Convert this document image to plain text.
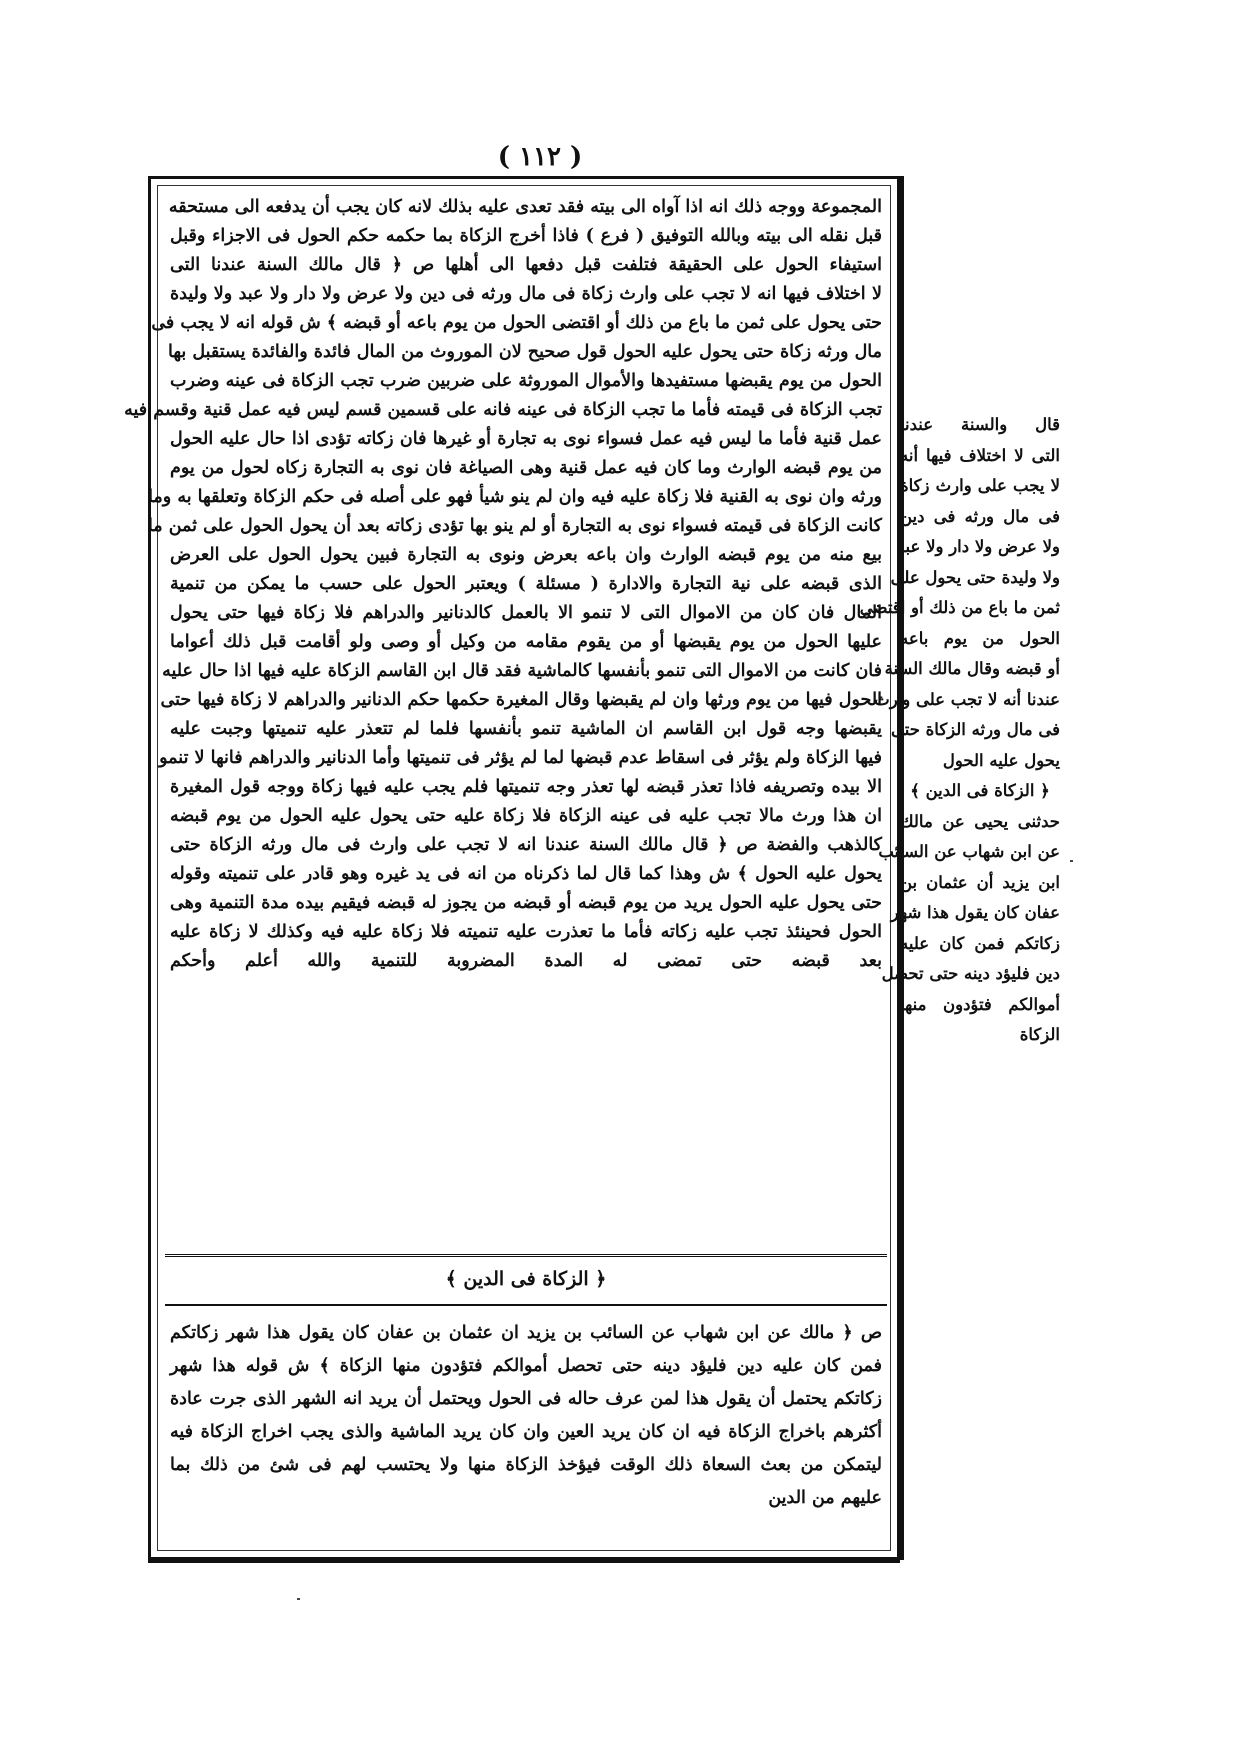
( ١١٢ )

المجموعة ووجه ذلك انه اذا آواه الى بيته فقد تعدى عليه بذلك لانه كان يجب أن يدفعه الى مستحقه

قبل نقله الى بيته وبالله التوفيق ( فرع ) فاذا أخرج الزكاة بما حكمه حكم الحول فى الاجزاء وقبل

استيفاء الحول على الحقيقة فتلفت قبل دفعها الى أهلها ص ﴿ قال مالك السنة عندنا التى

لا اختلاف فيها انه لا تجب على وارث زكاة فى مال ورثه فى دين ولا عرض ولا دار ولا عبد ولا وليدة

حتى يحول على ثمن ما باع من ذلك أو اقتضى الحول من يوم باعه أو قبضه ﴾ ش قوله انه لا يجب فى

مال ورثه زكاة حتى يحول عليه الحول قول صحيح لان الموروث من المال فائدة والفائدة يستقبل بها

الحول من يوم يقبضها مستفيدها والأموال الموروثة على ضربين ضرب تجب الزكاة فى عينه وضرب

تجب الزكاة فى قيمته فأما ما تجب الزكاة فى عينه فانه على قسمين قسم ليس فيه عمل قنية وقسم فيه

عمل قنية فأما ما ليس فيه عمل فسواء نوى به تجارة أو غيرها فان زكاته تؤدى اذا حال عليه الحول

من يوم قبضه الوارث وما كان فيه عمل قنية وهى الصياغة فان نوى به التجارة زكاه لحول من يوم

ورثه وان نوى به القنية فلا زكاة عليه فيه وان لم ينو شيأ فهو على أصله فى حكم الزكاة وتعلقها به وما

كانت الزكاة فى قيمته فسواء نوى به التجارة أو لم ينو بها تؤدى زكاته بعد أن يحول الحول على ثمن ما

بيع منه من يوم قبضه الوارث وان باعه بعرض ونوى به التجارة فبين يحول الحول على العرض

الذى قبضه على نية التجارة والادارة ( مسئلة ) ويعتبر الحول على حسب ما يمكن من تنمية

المال فان كان من الاموال التى لا تنمو الا بالعمل كالدنانير والدراهم فلا زكاة فيها حتى يحول

عليها الحول من يوم يقبضها أو من يقوم مقامه من وكيل أو وصى ولو أقامت قبل ذلك أعواما

فان كانت من الاموال التى تنمو بأنفسها كالماشية فقد قال ابن القاسم الزكاة عليه فيها اذا حال عليه

الحول فيها من يوم ورثها وان لم يقبضها وقال المغيرة حكمها حكم الدنانير والدراهم لا زكاة فيها حتى

يقبضها وجه قول ابن القاسم ان الماشية تنمو بأنفسها فلما لم تتعذر عليه تنميتها وجبت عليه

فيها الزكاة ولم يؤثر فى اسقاط عدم قبضها لما لم يؤثر فى تنميتها وأما الدنانير والدراهم فانها لا تنمو

الا بيده وتصريفه فاذا تعذر قبضه لها تعذر وجه تنميتها فلم يجب عليه فيها زكاة ووجه قول المغيرة

ان هذا ورث مالا تجب عليه فى عينه الزكاة فلا زكاة عليه حتى يحول عليه الحول من يوم قبضه

كالذهب والفضة ص ﴿ قال مالك السنة عندنا انه لا تجب على وارث فى مال ورثه الزكاة حتى

يحول عليه الحول ﴾ ش وهذا كما قال لما ذكرناه من انه فى يد غيره وهو قادر على تنميته وقوله

حتى يحول عليه الحول يريد من يوم قبضه أو قبضه من يجوز له قبضه فيقيم بيده مدة التنمية وهى

الحول فحينئذ تجب عليه زكاته فأما ما تعذرت عليه تنميته فلا زكاة عليه فيه وكذلك لا زكاة عليه

بعد قبضه حتى تمضى له المدة المضروبة للتنمية والله أعلم وأحكم

﴿ الزكاة فى الدين ﴾

ص ﴿ مالك عن ابن شهاب عن السائب بن يزيد ان عثمان بن عفان كان يقول هذا شهر زكاتكم

فمن كان عليه دين فليؤد دينه حتى تحصل أموالكم فتؤدون منها الزكاة ﴾ ش قوله هذا شهر

زكاتكم يحتمل أن يقول هذا لمن عرف حاله فى الحول ويحتمل أن يريد انه الشهر الذى جرت عادة

أكثرهم باخراج الزكاة فيه ان كان يريد العين وان كان يريد الماشية والذى يجب اخراج الزكاة فيه

ليتمكن من بعث السعاة ذلك الوقت فيؤخذ الزكاة منها ولا يحتسب لهم فى شئ من ذلك بما

عليهم من الدين

قال والسنة عندنا

التى لا اختلاف فيها أنه

لا يجب على وارث زكاة

فى مال ورثه فى دين

ولا عرض ولا دار ولا عبد

ولا وليدة حتى يحول على

ثمن ما باع من ذلك أو اقتضى

الحول من يوم باعه

أو قبضه وقال مالك السنة

عندنا أنه لا تجب على وارث

فى مال ورثه الزكاة حتى

يحول عليه الحول

﴿ الزكاة فى الدين ﴾

حدثنى يحيى عن مالك

عن ابن شهاب عن السائب

ابن يزيد أن عثمان بن

عفان كان يقول هذا شهر

زكاتكم فمن كان عليه

دين فليؤد دينه حتى تحصل

أموالكم فتؤدون منها

الزكاة
